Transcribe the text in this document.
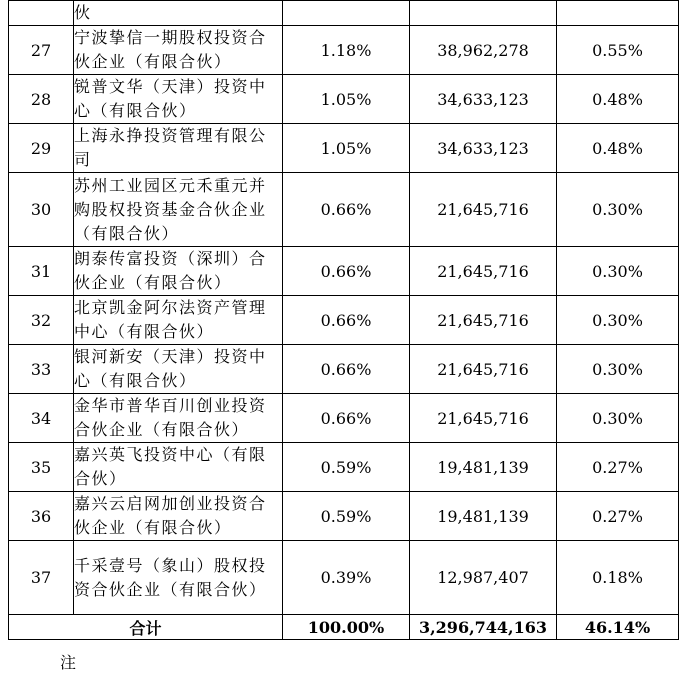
	伙			
27	宁波挚信一期股权投资合伙企业（有限合伙）	1.18%	38,962,278	0.55%
28	锐普文华（天津）投资中心（有限合伙）	1.05%	34,633,123	0.48%
29	上海永挣投资管理有限公司	1.05%	34,633,123	0.48%
30	苏州工业园区元禾重元并购股权投资基金合伙企业（有限合伙）	0.66%	21,645,716	0.30%
31	朗泰传富投资（深圳）合伙企业（有限合伙）	0.66%	21,645,716	0.30%
32	北京凯金阿尔法资产管理中心（有限合伙）	0.66%	21,645,716	0.30%
33	银河新安（天津）投资中心（有限合伙）	0.66%	21,645,716	0.30%
34	金华市普华百川创业投资合伙企业（有限合伙）	0.66%	21,645,716	0.30%
35	嘉兴英飞投资中心（有限合伙）	0.59%	19,481,139	0.27%
36	嘉兴云启网加创业投资合伙企业（有限合伙）	0.59%	19,481,139	0.27%
37	千采壹号（象山）股权投资合伙企业（有限合伙）	0.39%	12,987,407	0.18%
合计		100.00%	3,296,744,163	46.14%
注
